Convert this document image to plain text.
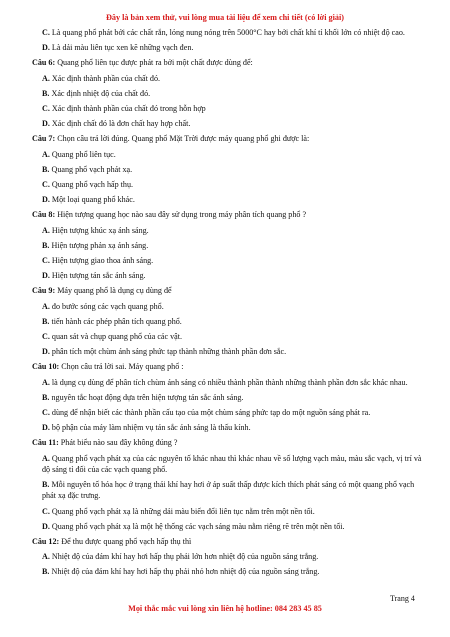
Đây là bản xem thử, vui lòng mua tài liệu để xem chi tiết (có lời giải)
C. Là quang phổ phát bởi các chất rắn, lỏng nung nóng trên 5000°C hay bởi chất khí tỉ khối lớn có nhiệt độ cao.
D. Là dải màu liên tục xen kẽ những vạch đen.
Câu 6: Quang phổ liên tục được phát ra bởi một chất được dùng để:
A. Xác định thành phần của chất đó.
B. Xác định nhiệt độ của chất đó.
C. Xác định thành phần của chất đó trong hỗn hợp
D. Xác định chất đó là đơn chất hay hợp chất.
Câu 7: Chọn câu trả lời đúng. Quang phổ Mặt Trời được máy quang phổ ghi được là:
A. Quang phổ liên tục.
B. Quang phổ vạch phát xạ.
C. Quang phổ vạch hấp thụ.
D. Một loại quang phổ khác.
Câu 8: Hiện tượng quang học nào sau đây sử dụng trong máy phân tích quang phổ ?
A. Hiện tượng khúc xạ ánh sáng.
B. Hiện tượng phản xạ ánh sáng.
C. Hiện tượng giao thoa ánh sáng.
D. Hiện tượng tán sắc ánh sáng.
Câu 9: Máy quang phổ là dụng cụ dùng để
A. đo bước sóng các vạch quang phổ.
B. tiến hành các phép phân tích quang phổ.
C. quan sát và chụp quang phổ của các vật.
D. phân tích một chùm ánh sáng phức tạp thành những thành phần đơn sắc.
Câu 10: Chọn câu trả lời sai. Máy quang phổ :
A. là dụng cụ dùng để phân tích chùm ánh sáng có nhiều thành phần thành những thành phần đơn sắc khác nhau.
B. nguyên tắc hoạt động dựa trên hiện tượng tán sắc ánh sáng.
C. dùng để nhận biết các thành phần cấu tạo của một chùm sáng phức tạp do một nguồn sáng phát ra.
D. bộ phận của máy làm nhiệm vụ tán sắc ánh sáng là thấu kính.
Câu 11: Phát biểu nào sau đây không đúng ?
A. Quang phổ vạch phát xạ của các nguyên tố khác nhau thì khác nhau về số lượng vạch màu, màu sắc vạch, vị trí và độ sáng tỉ đối của các vạch quang phổ.
B. Mỗi nguyên tố hóa học ở trạng thái khí hay hơi ở áp suất thấp được kích thích phát sáng có một quang phổ vạch phát xạ đặc trưng.
C. Quang phổ vạch phát xạ là những dải màu biến đổi liên tục nằm trên một nền tối.
D. Quang phổ vạch phát xạ là một hệ thống các vạch sáng màu nằm riêng rẽ trên một nền tối.
Câu 12: Để thu được quang phổ vạch hấp thụ thì
A. Nhiệt độ của đám khí hay hơi hấp thụ phải lớn hơn nhiệt độ của nguồn sáng trắng.
B. Nhiệt độ của đám khí hay hơi hấp thụ phải nhỏ hơn nhiệt độ của nguồn sáng trắng.
Trang 4
Mọi thắc mắc vui lòng xin liên hệ hotline: 084 283 45 85
